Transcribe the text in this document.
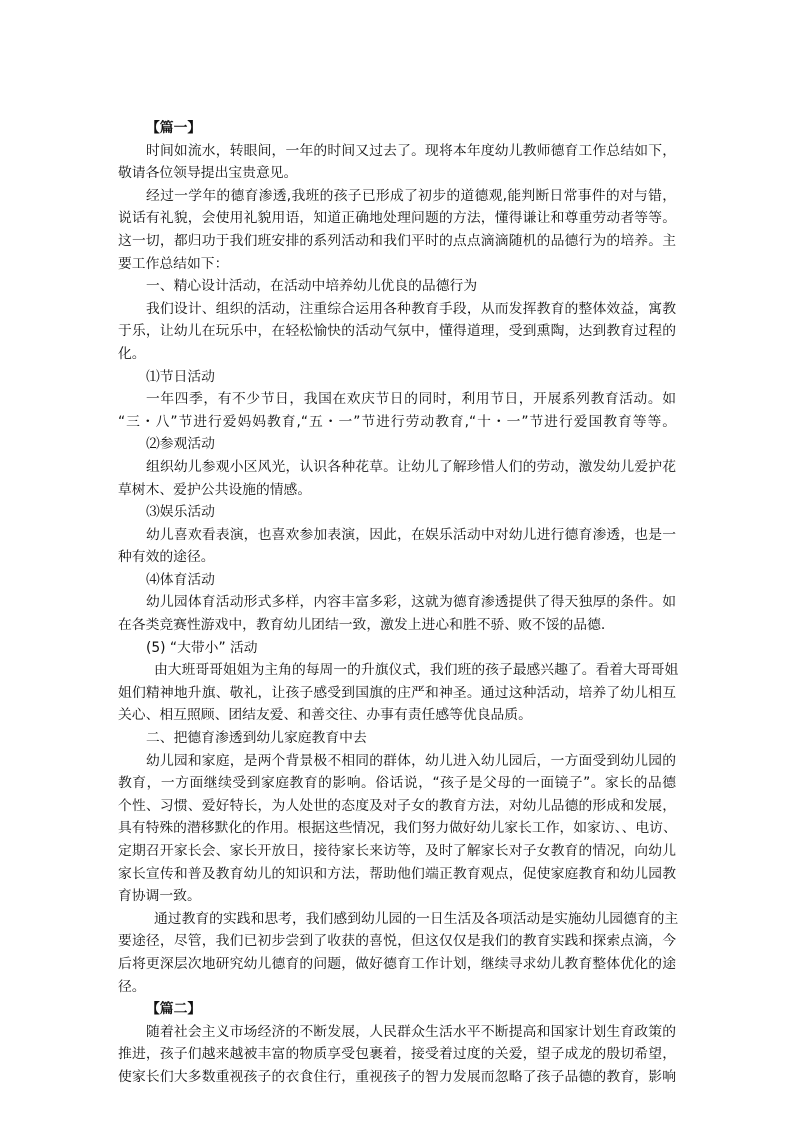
【篇一】
时间如流水，转眼间，一年的时间又过去了。现将本年度幼儿教师德育工作总结如下，
敬请各位领导提出宝贵意见。
经过一学年的德育渗透,我班的孩子已形成了初步的道德观,能判断日常事件的对与错，
说话有礼貌，会使用礼貌用语，知道正确地处理问题的方法，懂得谦让和尊重劳动者等等。
这一切，都归功于我们班安排的系列活动和我们平时的点点滴滴随机的品德行为的培养。主
要工作总结如下：
一、精心设计活动，在活动中培养幼儿优良的品德行为
我们设计、组织的活动，注重综合运用各种教育手段，从而发挥教育的整体效益，寓教
于乐，让幼儿在玩乐中，在轻松愉快的活动气氛中，懂得道理，受到熏陶，达到教育过程的
化。
⑴节日活动
一年四季，有不少节日，我国在欢庆节日的同时，利用节日，开展系列教育活动。如
“三・八”节进行爱妈妈教育,“五・一”节进行劳动教育,“十・一”节进行爱国教育等等。
⑵参观活动
组织幼儿参观小区风光，认识各种花草。让幼儿了解珍惜人们的劳动，激发幼儿爱护花
草树木、爱护公共设施的情感。
⑶娱乐活动
幼儿喜欢看表演，也喜欢参加表演，因此，在娱乐活动中对幼儿进行德育渗透，也是一
种有效的途径。
⑷体育活动
幼儿园体育活动形式多样，内容丰富多彩，这就为德育渗透提供了得天独厚的条件。如
在各类竞赛性游戏中，教育幼儿团结一致，激发上进心和胜不骄、败不馁的品德.
(5) “大带小” 活动
由大班哥哥姐姐为主角的每周一的升旗仪式，我们班的孩子最感兴趣了。看着大哥哥姐
姐们精神地升旗、敬礼，让孩子感受到国旗的庄严和神圣。通过这种活动，培养了幼儿相互
关心、相互照顾、团结友爱、和善交往、办事有责任感等优良品质。
二、把德育渗透到幼儿家庭教育中去
幼儿园和家庭，是两个背景极不相同的群体，幼儿进入幼儿园后，一方面受到幼儿园的
教育，一方面继续受到家庭教育的影响。俗话说，“孩子是父母的一面镜子”。家长的品德
个性、习惯、爱好特长，为人处世的态度及对子女的教育方法，对幼儿品德的形成和发展，
具有特殊的潜移默化的作用。根据这些情况，我们努力做好幼儿家长工作，如家访、、电访、
定期召开家长会、家长开放日，接待家长来访等，及时了解家长对子女教育的情况，向幼儿
家长宣传和普及教育幼儿的知识和方法，帮助他们端正教育观点，促使家庭教育和幼儿园教
育协调一致。
通过教育的实践和思考，我们感到幼儿园的一日生活及各项活动是实施幼儿园德育的主
要途径，尽管，我们已初步尝到了收获的喜悦，但这仅仅是我们的教育实践和探索点滴，今
后将更深层次地研究幼儿德育的问题，做好德育工作计划，继续寻求幼儿教育整体优化的途
径。
【篇二】
随着社会主义市场经济的不断发展，人民群众生活水平不断提高和国家计划生育政策的
推进，孩子们越来越被丰富的物质享受包裹着，接受着过度的关爱，望子成龙的殷切希望，
使家长们大多数重视孩子的衣食住行，重视孩子的智力发展而忽略了孩子品德的教育，影响
